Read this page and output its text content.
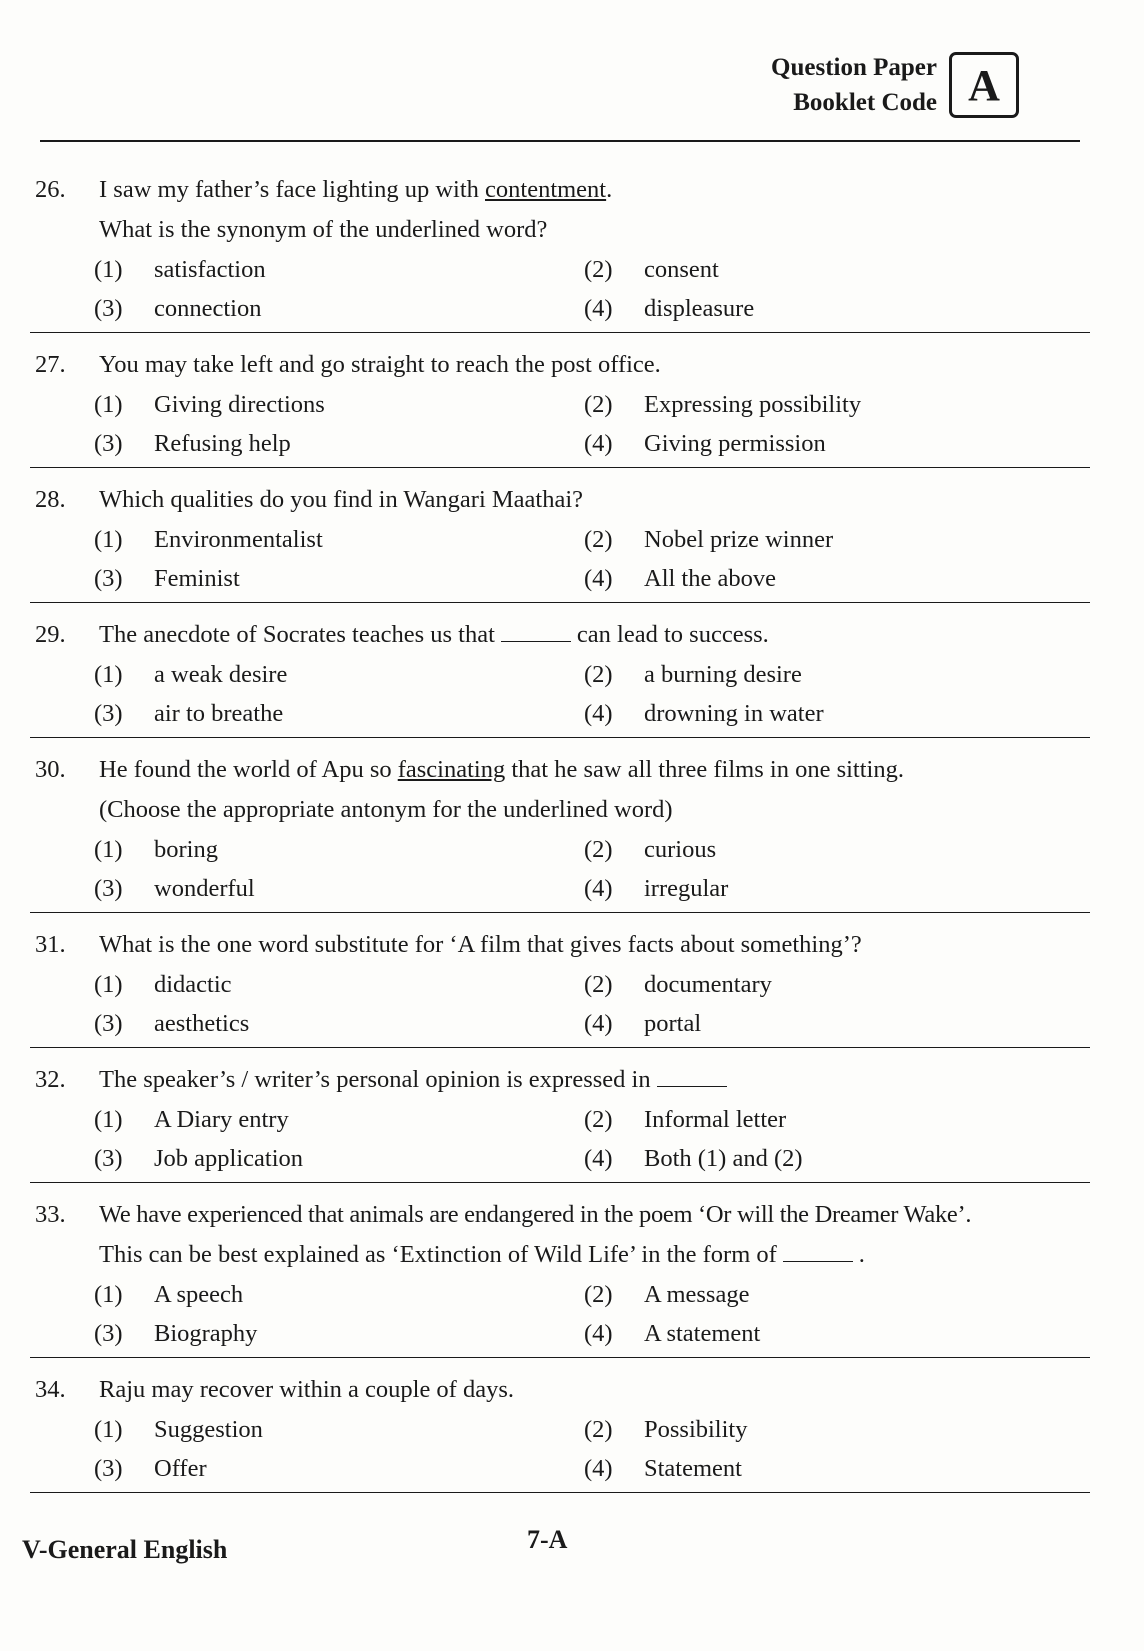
Question Paper
Booklet Code A
26.	I saw my father’s face lighting up with contentment.
What is the synonym of the underlined word?
(1)	satisfaction	(2)	consent
(3)	connection	(4)	displeasure
27.	You may take left and go straight to reach the post office.
(1)	Giving directions	(2)	Expressing possibility
(3)	Refusing help	(4)	Giving permission
28.	Which qualities do you find in Wangari Maathai?
(1)	Environmentalist	(2)	Nobel prize winner
(3)	Feminist	(4)	All the above
29.	The anecdote of Socrates teaches us that	can lead to success.
(1)	a weak desire	(2)	a burning desire
(3)	air to breathe	(4)	drowning in water
30.	He found the world of Apu so fascinating that he saw all three films in one sitting.
(Choose the appropriate antonym for the underlined word)
(1)	boring	(2)	curious
(3)	wonderful	(4)	irregular
31.	What is the one word substitute for ‘A film that gives facts about something’?
(1)	didactic	(2)	documentary
(3)	aesthetics	(4)	portal
32.	The speaker’s / writer’s personal opinion is expressed in
(1)	A Diary entry	(2)	Informal letter
(3)	Job application	(4)	Both (1) and (2)
33.	We have experienced that animals are endangered in the poem ‘Or will the Dreamer Wake’.
This can be best explained as ‘Extinction of Wild Life’ in the form of	.
(1)	A speech	(2)	A message
(3)	Biography	(4)	A statement
34.	Raju may recover within a couple of days.
(1)	Suggestion	(2)	Possibility
(3)	Offer	(4)	Statement
V-General English	7-A
